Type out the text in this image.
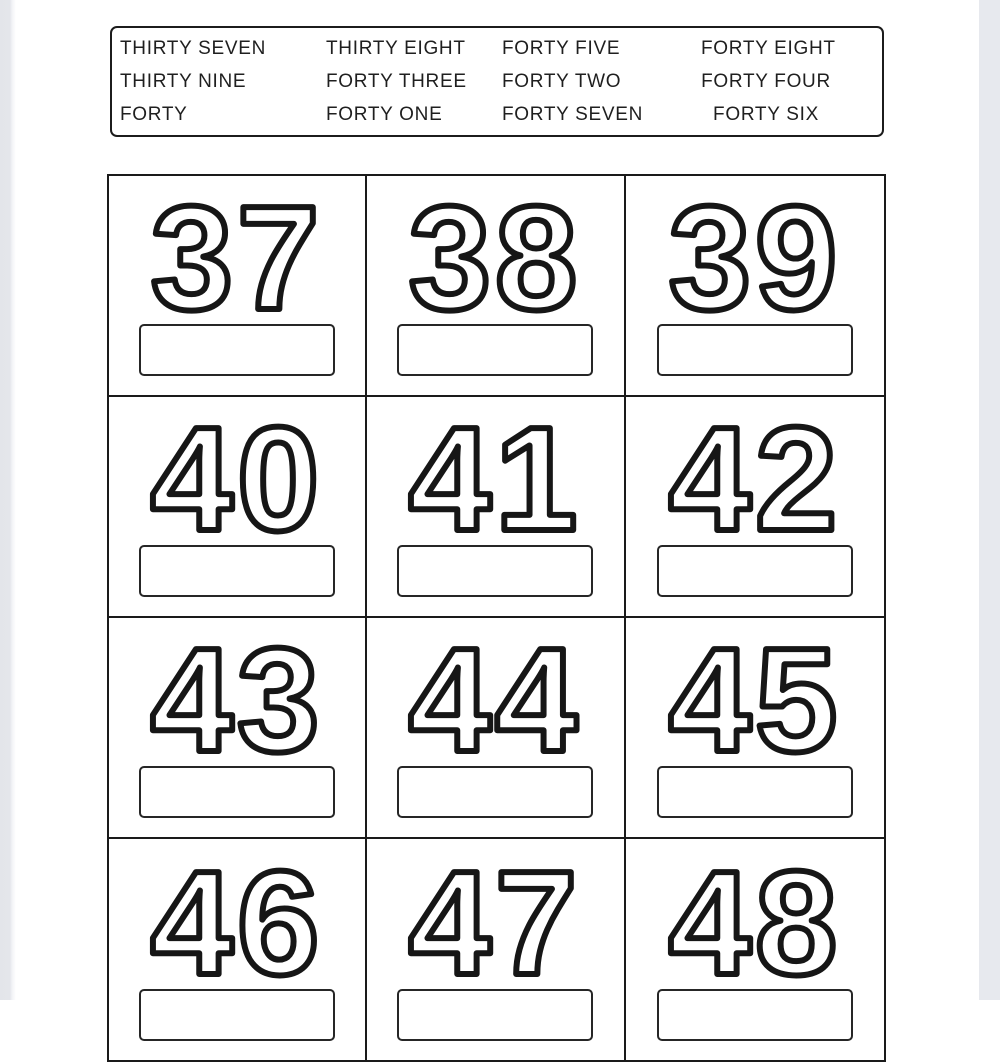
THIRTY SEVEN	THIRTY EIGHT	FORTY FIVE	FORTY EIGHT
THIRTY NINE	FORTY THREE	FORTY TWO	FORTY FOUR
FORTY	FORTY ONE	FORTY SEVEN	FORTY SIX
37 38 39
40 41 42
43 44 45
46 47 48
